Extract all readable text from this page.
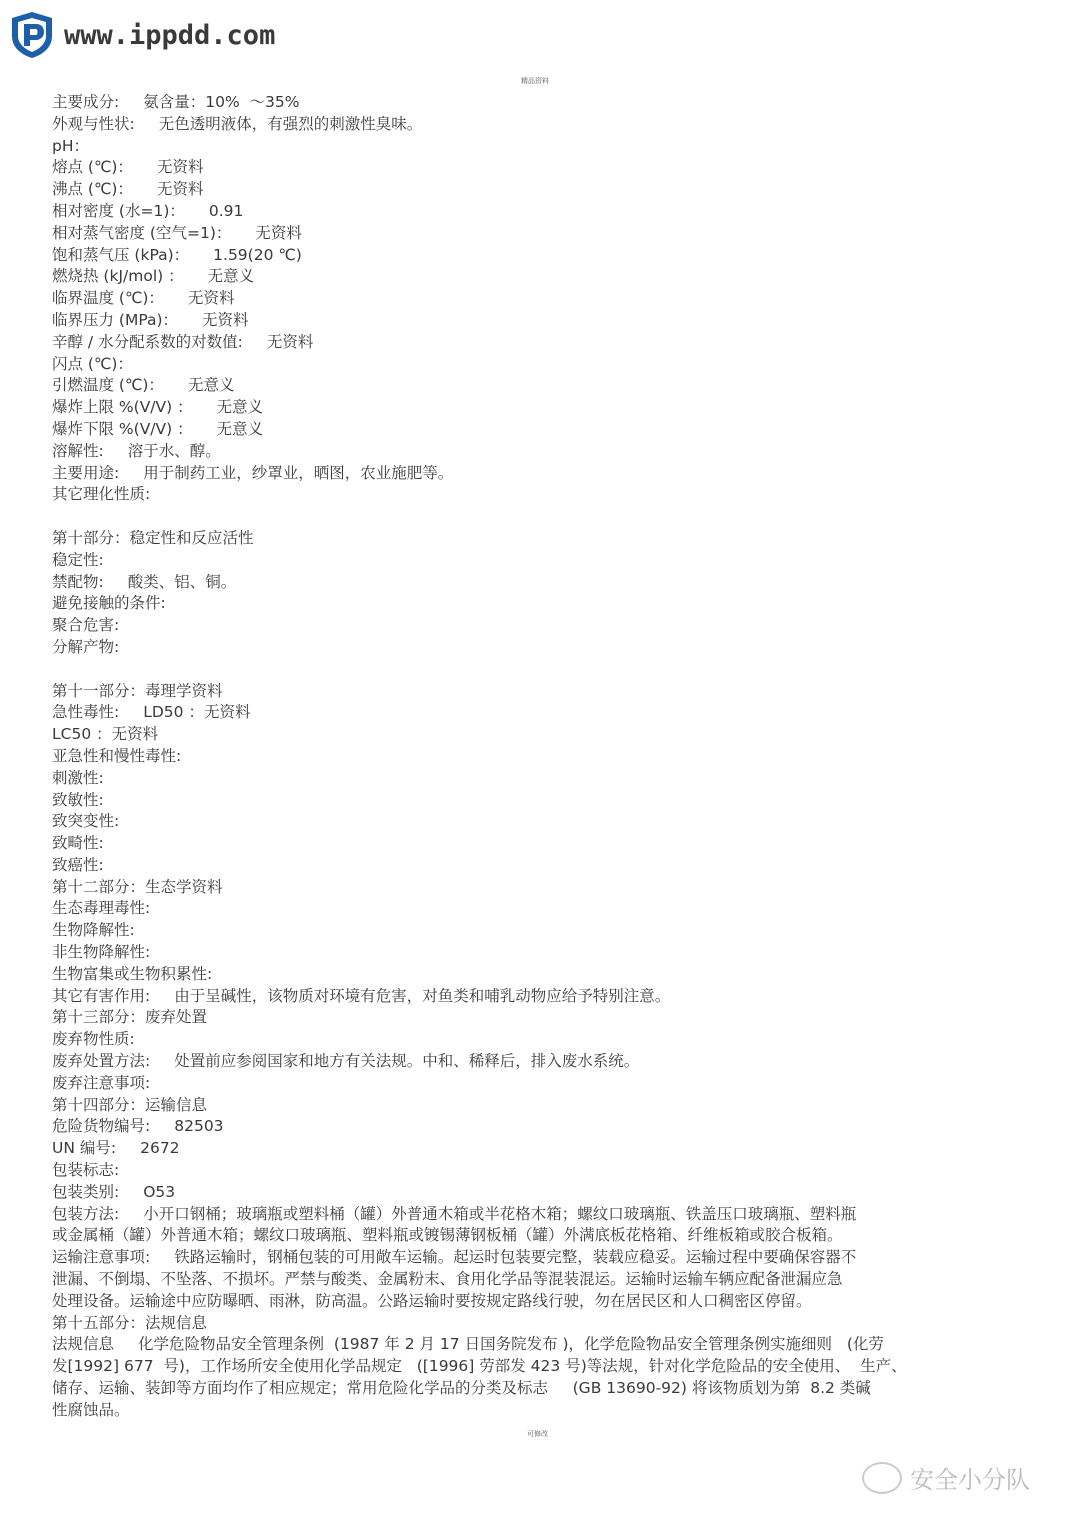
www.ippdd.com
精品资料
主要成分: 氨含量：10%  ～35%
外观与性状: 无色透明液体，有强烈的刺激性臭味。
pH：
熔点 (℃)： 无资料
沸点 (℃)： 无资料
相对密度 (水=1)： 0.91
相对蒸气密度 (空气=1)： 无资料
饱和蒸气压 (kPa)： 1.59(20 ℃)
燃烧热 (kJ/mol) ： 无意义
临界温度 (℃)： 无资料
临界压力 (MPa)： 无资料
辛醇 / 水分配系数的对数值: 无资料
闪点 (℃)：
引燃温度 (℃)： 无意义
爆炸上限 %(V/V) ： 无意义
爆炸下限 %(V/V) ： 无意义
溶解性: 溶于水、醇。
主要用途: 用于制药工业，纱罩业，晒图，农业施肥等。
其它理化性质:
第十部分：稳定性和反应活性
稳定性:
禁配物: 酸类、铝、铜。
避免接触的条件:
聚合危害:
分解产物:
第十一部分：毒理学资料
急性毒性: LD50 ：无资料
LC50 ：无资料
亚急性和慢性毒性:
刺激性:
致敏性:
致突变性:
致畸性:
致癌性:
第十二部分：生态学资料
生态毒理毒性:
生物降解性:
非生物降解性:
生物富集或生物积累性:
其它有害作用: 由于呈碱性，该物质对环境有危害，对鱼类和哺乳动物应给予特别注意。
第十三部分：废弃处置
废弃物性质:
废弃处置方法: 处置前应参阅国家和地方有关法规。中和、稀释后，排入废水系统。
废弃注意事项:
第十四部分：运输信息
危险货物编号: 82503
UN 编号: 2672
包装标志:
包装类别: O53
包装方法: 小开口钢桶；玻璃瓶或塑料桶（罐）外普通木箱或半花格木箱；螺纹口玻璃瓶、铁盖压口玻璃瓶、塑料瓶
或金属桶（罐）外普通木箱；螺纹口玻璃瓶、塑料瓶或镀锡薄钢板桶（罐）外满底板花格箱、纤维板箱或胶合板箱。
运输注意事项: 铁路运输时，钢桶包装的可用敞车运输。起运时包装要完整，装载应稳妥。运输过程中要确保容器不
泄漏、不倒塌、不坠落、不损坏。严禁与酸类、金属粉末、食用化学品等混装混运。运输时运输车辆应配备泄漏应急
处理设备。运输途中应防曝晒、雨淋，防高温。公路运输时要按规定路线行驶，勿在居民区和人口稠密区停留。
第十五部分：法规信息
法规信息 化学危险物品安全管理条例  (1987 年 2 月 17 日国务院发布 )，化学危险物品安全管理条例实施细则   (化劳
发[1992] 677  号)，工作场所安全使用化学品规定   ([1996] 劳部发 423 号)等法规，针对化学危险品的安全使用、  生产、
储存、运输、装卸等方面均作了相应规定；常用危险化学品的分类及标志     (GB 13690-92) 将该物质划为第  8.2 类碱
性腐蚀品。
可修改
安全小分队
